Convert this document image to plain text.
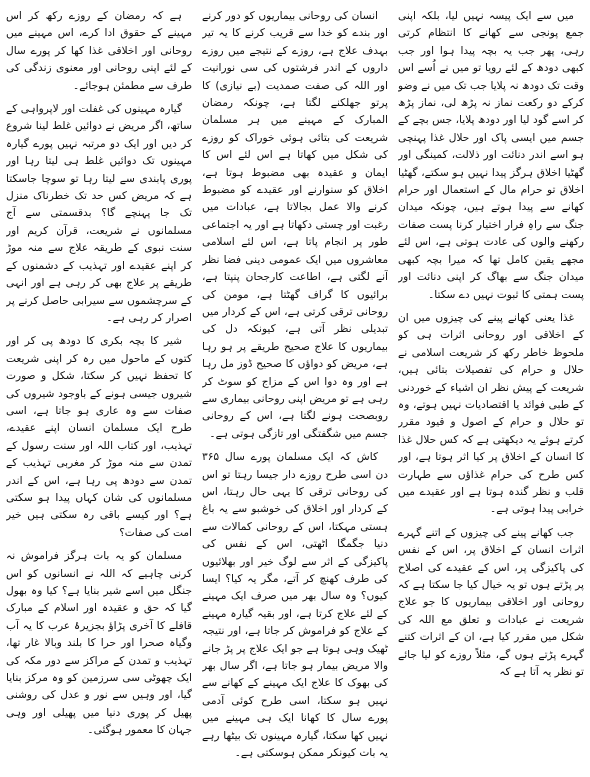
میں سے ایک پیسہ نہیں لیا، بلکہ اپنی جمع پونجی سے کھانے کا انتظام کرتی رہی، پھر جب یہ بچہ پیدا ہوا اور جب کبھی دودھ کے لئے رویا تو میں نے اُسے اس وقت تک دودھ نہ پلایا جب تک میں نے وضو کرکے دو رکعت نماز نہ پڑھ لی، نماز پڑھ کر اسے گود لیا اور دودھ پلایا، جس بچے کے جسم میں ایسی پاک اور حلال غذا پہنچی ہو اسے اندر دنائت اور ذلالت، کمینگی اور گھٹیا اخلاق ہرگز پیدا نہیں ہو سکتے، گھٹیا اخلاق تو حرام مال کے استعمال اور حرام کھانے سے پیدا ہوتے ہیں، چونکہ میدان جنگ سے راہِ فرار اختیار کرنا پست صفات رکھنے والوں کی عادت ہوتی ہے، اس لئے مجھے یقین کامل تھا کہ میرا بچہ کبھی میدان جنگ سے بھاگ کر اپنی دنائت اور پست ہمتی کا ثبوت نہیں دے سکتا۔

غذا یعنی کھانے پینے کی چیزوں میں ان کے اخلاقی اور روحانی اثرات ہی کو ملحوظ خاطر رکھ کر شریعت اسلامی نے حلال و حرام کی تفصیلات بتائی ہیں، شریعت کے پیش نظر ان اشیاء کے خوردنی کے طبی فوائد یا اقتصادیات نہیں ہوتے، وہ تو حلال و حرام کے اصول و قیود مقرر کرتے ہوئے یہ دیکھتی ہے کہ کس حلال غذا کا انسان کے اخلاق پر کیا اثر ہوتا ہے، اور کس طرح کی حرام غذاؤں سے طہارت قلب و نظر گندہ ہوتا ہے اور عقیدے میں خرابی پیدا ہوتی ہے۔

جب کھانے پینے کی چیزوں کے اتنے گہرے اثرات انسان کے اخلاق پر، اس کے نفس کی پاکیزگی پر، اس کے عقیدے کی اصلاح پر پڑتے ہوں تو یہ خیال کیا جا سکتا ہے کہ روحانی اور اخلاقی بیماریوں کا جو علاج شریعت نے عبادات و تعلق مع اللہ کی شکل میں مقرر کیا ہے، ان کے اثرات کتنے گہرے پڑتے ہوں گے، مثلاً روزے کو لیا جائے تو نظر یہ آتا ہے کہ

انسان کی روحانی بیماریوں کو دور کرنے اور بندے کو خدا سے قریب کرنے کا یہ تیر بہدف علاج ہے، روزے کے نتیجے میں روزے داروں کے اندر فرشتوں کی سی نورانیت اور اللہ کی صفت صمدیت (بے نیازی) کا پرتو جھلکنے لگتا ہے، چونکہ رمضان المبارک کے مہینے میں ہر مسلمان شریعت کی بتائی ہوئی خوراک کو روزے کی شکل میں کھاتا ہے اس لئے اس کا ایمان و عقیدہ بھی مضبوط ہوتا ہے، اخلاق کو سنوارنے اور عقیدے کو مضبوط کرنے والا عمل بجالاتا ہے، عبادات میں رغبت اور چستی دکھاتا ہے اور یہ اجتماعی طور پر انجام پاتا ہے، اس لئے اسلامی معاشروں میں ایک عمومی دینی فضا نظر آنے لگتی ہے، اطاعت کارجحان پنپتا ہے، برائیوں کا گراف گھٹتا ہے، مومن کی روحانی ترقی کرتی ہے، اس کے کردار میں تبدیلی نظر آتی ہے، کیونکہ دل کی بیماریوں کا علاج صحیح طریقے پر ہو رہا ہے، مریض کو دواؤں کا صحیح ڈوز مل رہا ہے اور وہ دوا اس کے مزاج کو سوٹ کر رہی ہے تو مریض اپنی روحانی بیماری سے روبصحت ہونے لگتا ہے، اس کے روحانی جسم میں شگفتگی اور تازگی ہوتی ہے۔

کاش کہ ایک مسلمان پورے سال ۳۶۵ دن اسی طرح روزے دار جیسا رہتا تو اس کی روحانی ترقی کا یہی حال رہتا، اس کے کردار اور اخلاق کی خوشبو سے یہ باغ ہستی مہکتا، اس کے روحانی کمالات سے دنیا جگمگا اٹھتی، اس کے نفس کی پاکیزگی کے اثر سے لوگ خیر اور بھلائیوں کی طرف کھنچ کر آتے، مگر یہ کیا؟ ایسا کیوں؟ وہ سال بھر میں صرف ایک مہینے کے لئے علاج کرتا ہے، اور بقیہ گیارہ مہینے کے علاج کو فراموش کر جاتا ہے، اور نتیجہ ٹھیک وہی ہوتا ہے جو ایک علاج پر پڑ جانے والا مریض بیمار ہو جاتا ہے، اگر سال بھر کی بھوک کا علاج ایک مہینے کے کھانے سے نہیں ہو سکتا، اسی طرح کوئی آدمی پورے سال کا کھانا ایک ہی مہینے میں نہیں کھا سکتا، گیارہ مہینوں تک بیٹھا رہے یہ بات کیونکر ممکن ہوسکتی ہے۔

ہے کہ رمضان کے روزے رکھ کر اس مہینے کے حقوق ادا کرے، اس مہینے میں روحانی اور اخلاقی غذا کھا کر پورے سال کے لئے اپنی روحانی اور معنوی زندگی کی طرف سے مطمئن ہوجائے۔

گیارہ مہینوں کی غفلت اور لاپرواہی کے ساتھ، اگر مریض نے دوائیں غلط لینا شروع کر دیں اور ایک دو مرتبہ نہیں پورے گیارہ مہینوں تک دوائیں غلط ہی لیتا رہا اور پوری پابندی سے لیتا رہا تو سوچا جاسکتا ہے کہ مریض کس حد تک خطرناک منزل تک جا پہنچے گا؟ بدقسمتی سے آج مسلمانوں نے شریعت، قرآن کریم اور سنت نبوی کے طریقہ علاج سے منہ موڑ کر اپنے عقیدے اور تہذیب کے دشمنوں کے طریقے پر علاج بھی کر رہی ہے اور انہی کے سرچشموں سے سیرابی حاصل کرنے پر اصرار کر رہی ہے۔

شیر کا بچہ بکری کا دودھ پی کر اور کتوں کے ماحول میں رہ کر اپنی شریعت کا تحفظ نہیں کر سکتا، شکل و صورت شیروں جیسی ہونے کے باوجود شیروں کی صفات سے وہ عاری ہو جاتا ہے، اسی طرح ایک مسلمان انسان اپنے عقیدے، تہذیب، اور کتاب اللہ اور سنت رسول کے تمدن سے منہ موڑ کر مغربی تہذیب کے تمدن سے دودھ پی رہا ہے، اس کے اندر مسلمانوں کی شان کہاں پیدا ہو سکتی ہے؟ اور کیسے باقی رہ سکتی ہیں خیر امت کی صفات؟

مسلمان کو یہ بات ہرگز فراموش نہ کرنی چاہیے کہ اللہ نے انسانوں کو اس جنگل میں اسے شیر بنایا ہے؟ کیا وہ بھول گیا کہ حق و عقیدہ اور اسلام کے مبارک قافلے کا آخری پڑاؤ بجزیرۂ عرب کا یہ آب وگیاہ صحرا اور حرا کا بلند وبالا غار تھا، تہذیب و تمدن کے مراکز سے دور مکہ کی ایک چھوٹی سی سرزمین کو وہ مرکز بنایا گیا، اور وہیں سے نور و عدل کی روشنی پھیل کر پوری دنیا میں پھیلی اور وہی جہان کا معمور ہوگئی۔
